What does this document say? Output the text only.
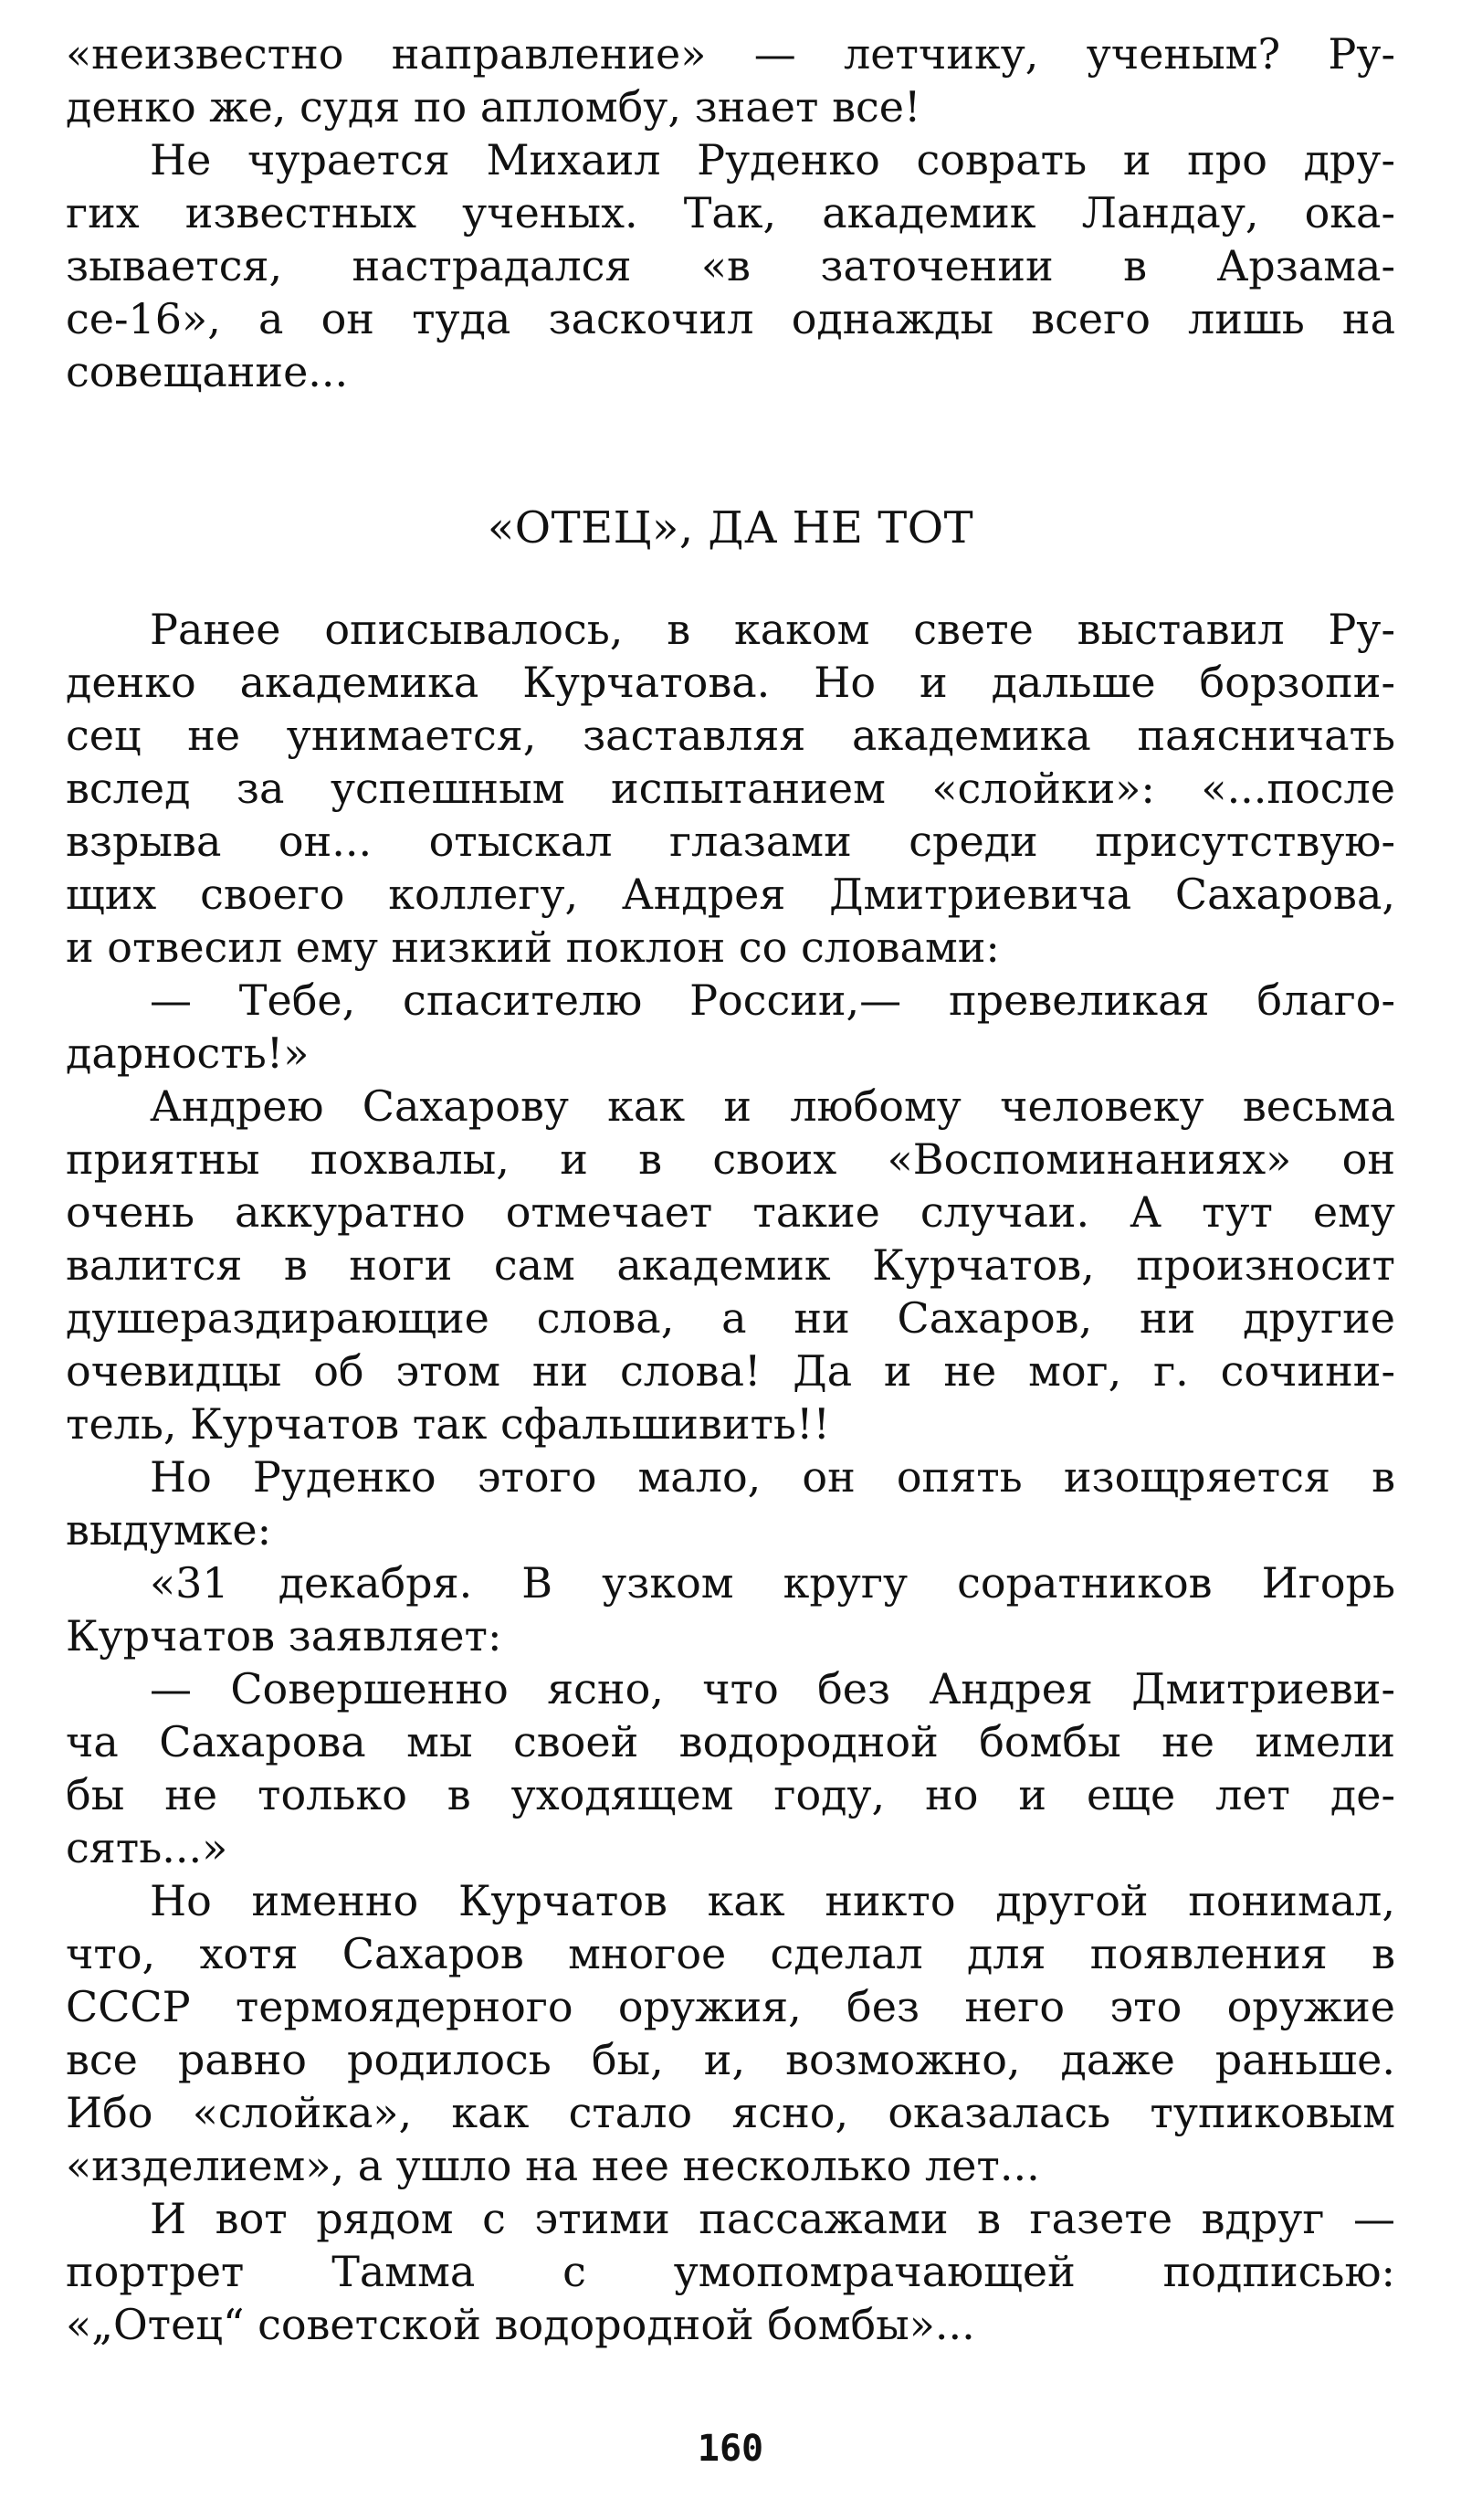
«неизвестно направление» — летчику, ученым? Ру-
денко же, судя по апломбу, знает все!
Не чурается Михаил Руденко соврать и про дру-
гих известных ученых. Так, академик Ландау, ока-
зывается, настрадался «в заточении в Арзама-
се-16», а он туда заскочил однажды всего лишь на
совещание...
«ОТЕЦ», ДА НЕ ТОТ
Ранее описывалось, в каком свете выставил Ру-
денко академика Курчатова. Но и дальше борзопи-
сец не унимается, заставляя академика паясничать
вслед за успешным испытанием «слойки»: «...после
взрыва он... отыскал глазами среди присутствую-
щих своего коллегу, Андрея Дмитриевича Сахарова,
и отвесил ему низкий поклон со словами:
— Тебе, спасителю России,— превеликая благо-
дарность!»
Андрею Сахарову как и любому человеку весьма
приятны похвалы, и в своих «Воспоминаниях» он
очень аккуратно отмечает такие случаи. А тут ему
валится в ноги сам академик Курчатов, произносит
душераздирающие слова, а ни Сахаров, ни другие
очевидцы об этом ни слова! Да и не мог, г. сочини-
тель, Курчатов так сфальшивить!!
Но Руденко этого мало, он опять изощряется в
выдумке:
«31 декабря. В узком кругу соратников Игорь
Курчатов заявляет:
— Совершенно ясно, что без Андрея Дмитриеви-
ча Сахарова мы своей водородной бомбы не имели
бы не только в уходящем году, но и еще лет де-
сять...»
Но именно Курчатов как никто другой понимал,
что, хотя Сахаров многое сделал для появления в
СССР термоядерного оружия, без него это оружие
все равно родилось бы, и, возможно, даже раньше.
Ибо «слойка», как стало ясно, оказалась тупиковым
«изделием», а ушло на нее несколько лет...
И вот рядом с этими пассажами в газете вдруг —
портрет Тамма с умопомрачающей подписью:
«„Отец“ советской водородной бомбы»...
160
